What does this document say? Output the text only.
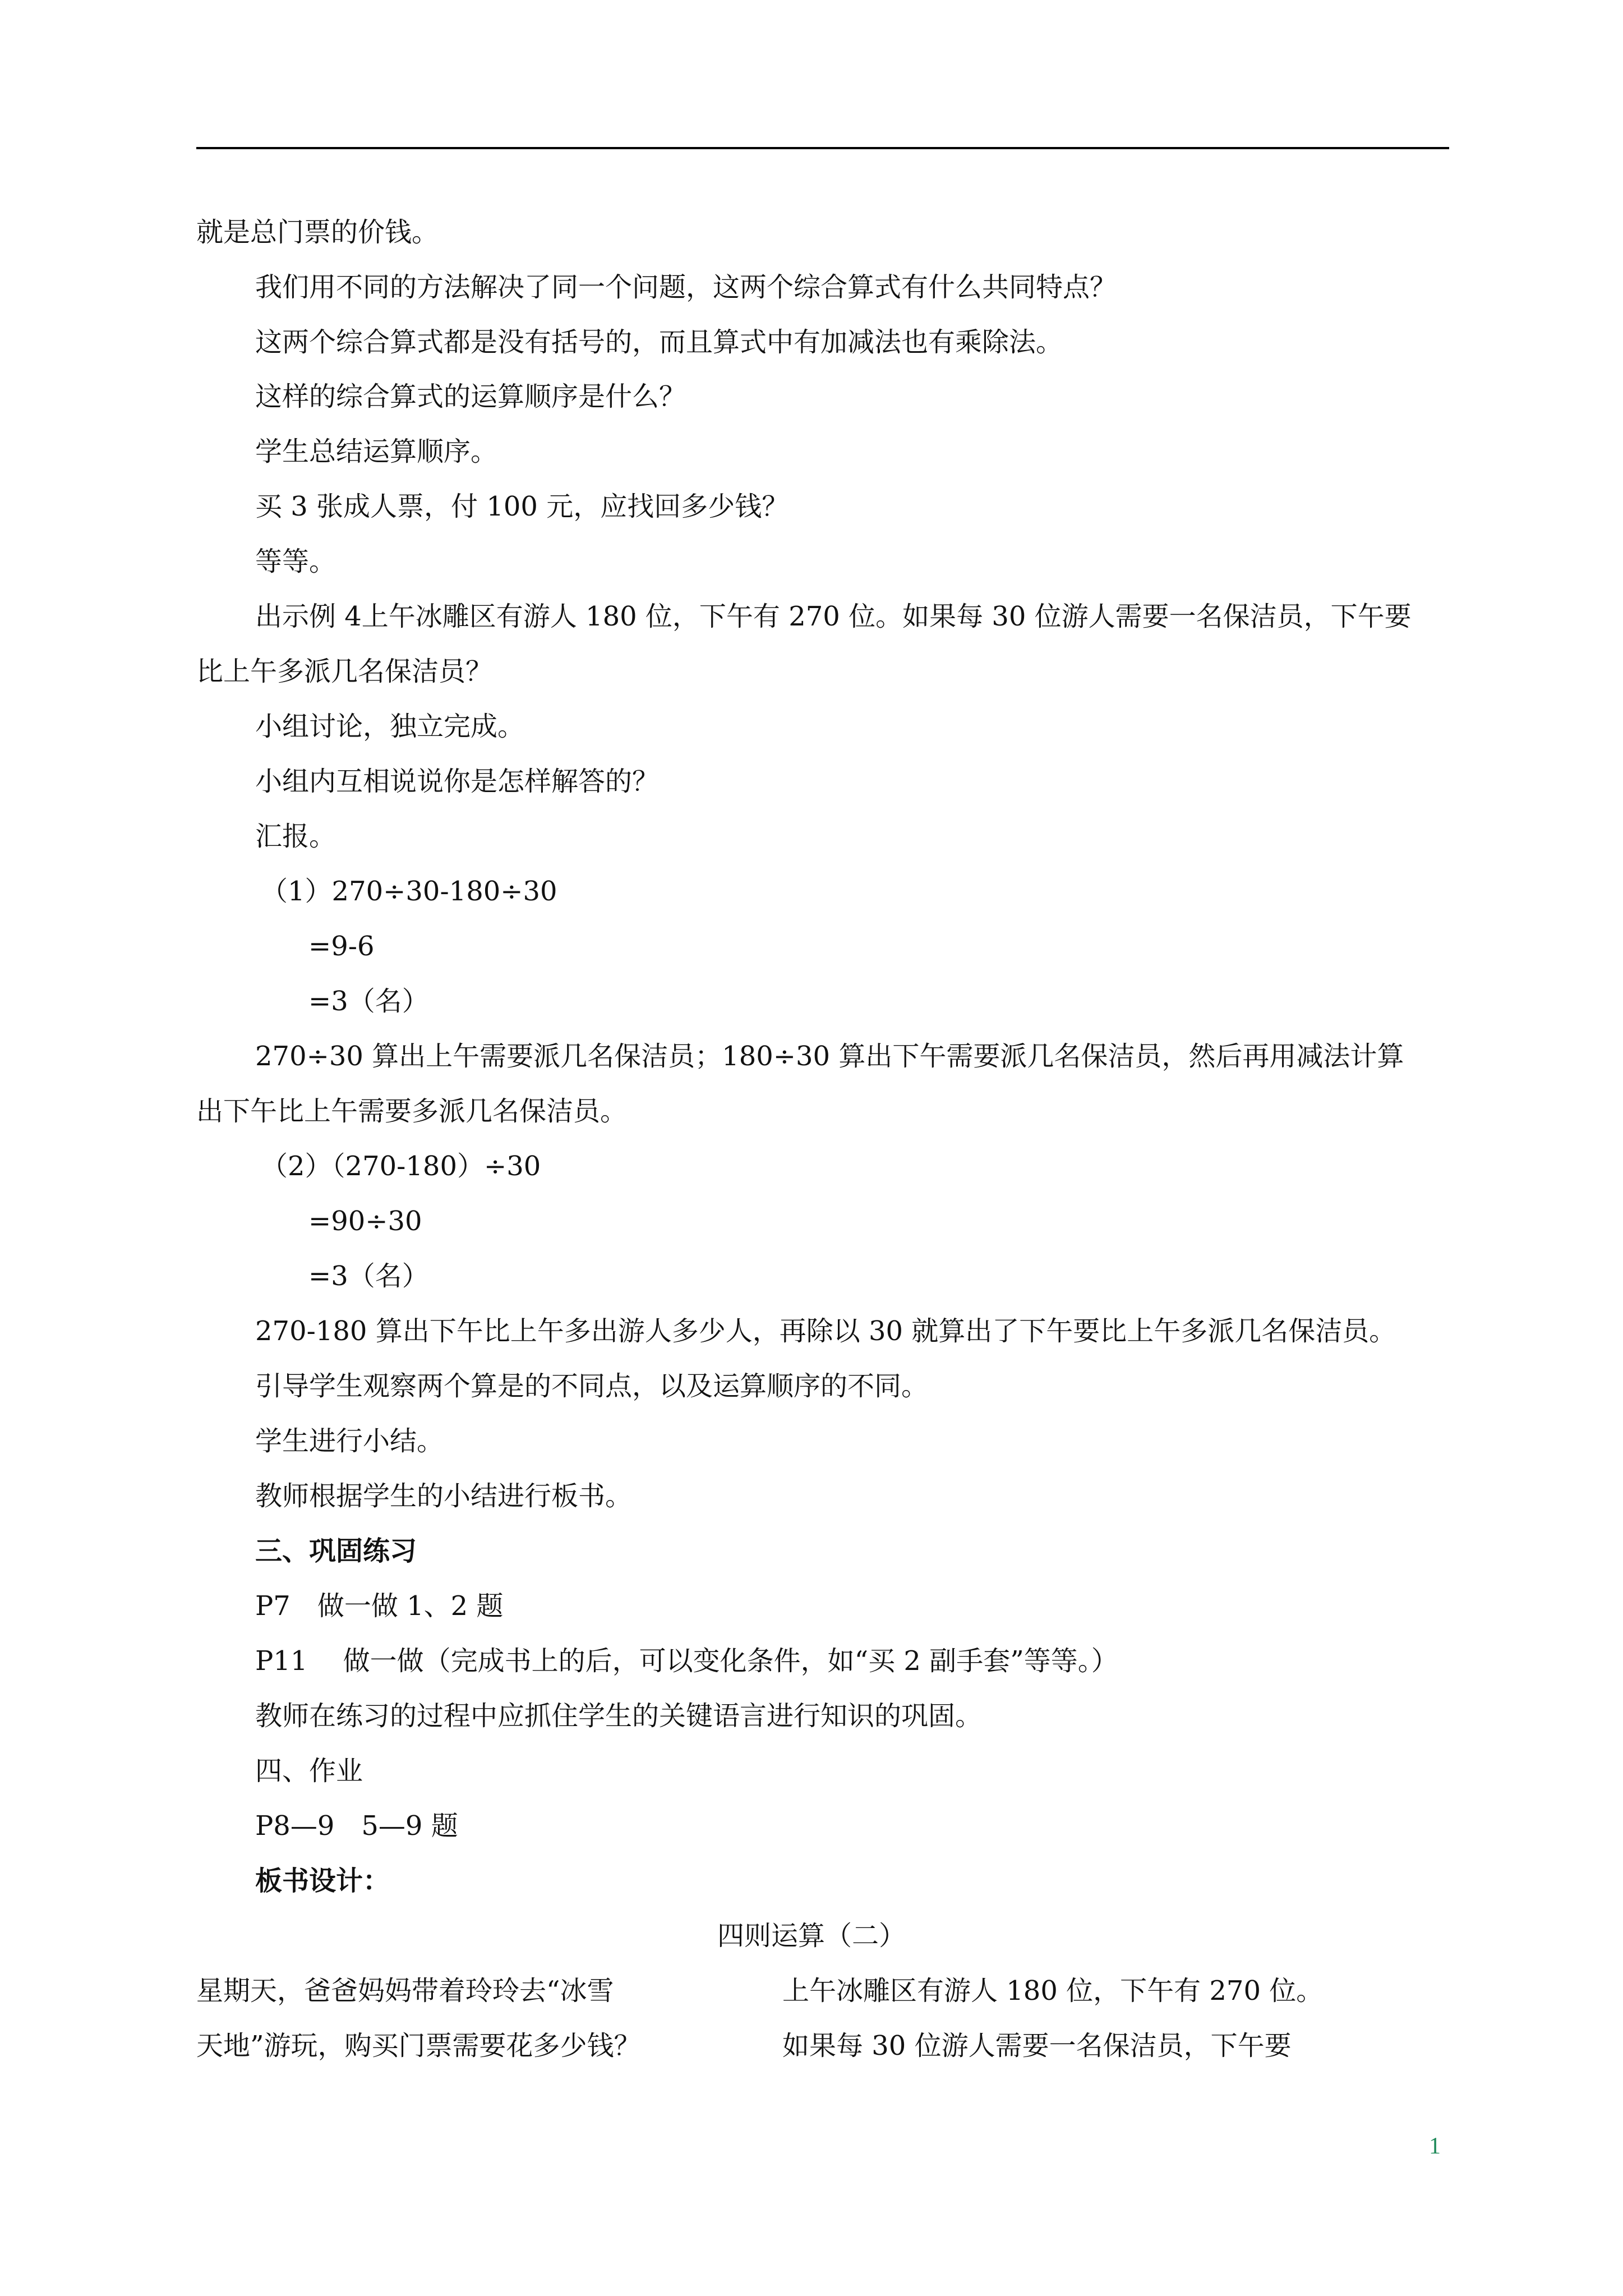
就是总门票的价钱。
我们用不同的方法解决了同一个问题，这两个综合算式有什么共同特点？
这两个综合算式都是没有括号的，而且算式中有加减法也有乘除法。
这样的综合算式的运算顺序是什么？
学生总结运算顺序。
买 3 张成人票，付 100 元，应找回多少钱？
等等。
出示例 4上午冰雕区有游人 180 位，下午有 270 位。如果每 30 位游人需要一名保洁员，下午要
比上午多派几名保洁员？
小组讨论，独立完成。
小组内互相说说你是怎样解答的？
汇报。
（1）270÷30-180÷30
=9-6
=3（名）
270÷30 算出上午需要派几名保洁员；180÷30 算出下午需要派几名保洁员，然后再用减法计算
出下午比上午需要多派几名保洁员。
（2）（270-180）÷30
=90÷30
=3（名）
270-180 算出下午比上午多出游人多少人，再除以 30 就算出了下午要比上午多派几名保洁员。
引导学生观察两个算是的不同点，以及运算顺序的不同。
学生进行小结。
教师根据学生的小结进行板书。
三、巩固练习
P7　做一做 1、2 题
P11　 做一做（完成书上的后，可以变化条件，如“买 2 副手套”等等。）
教师在练习的过程中应抓住学生的关键语言进行知识的巩固。
四、作业
P8—9　5—9 题
板书设计：
四则运算（二）
星期天，爸爸妈妈带着玲玲去“冰雪
天地”游玩，购买门票需要花多少钱？
上午冰雕区有游人 180 位，下午有 270 位。
如果每 30 位游人需要一名保洁员，下午要
1
